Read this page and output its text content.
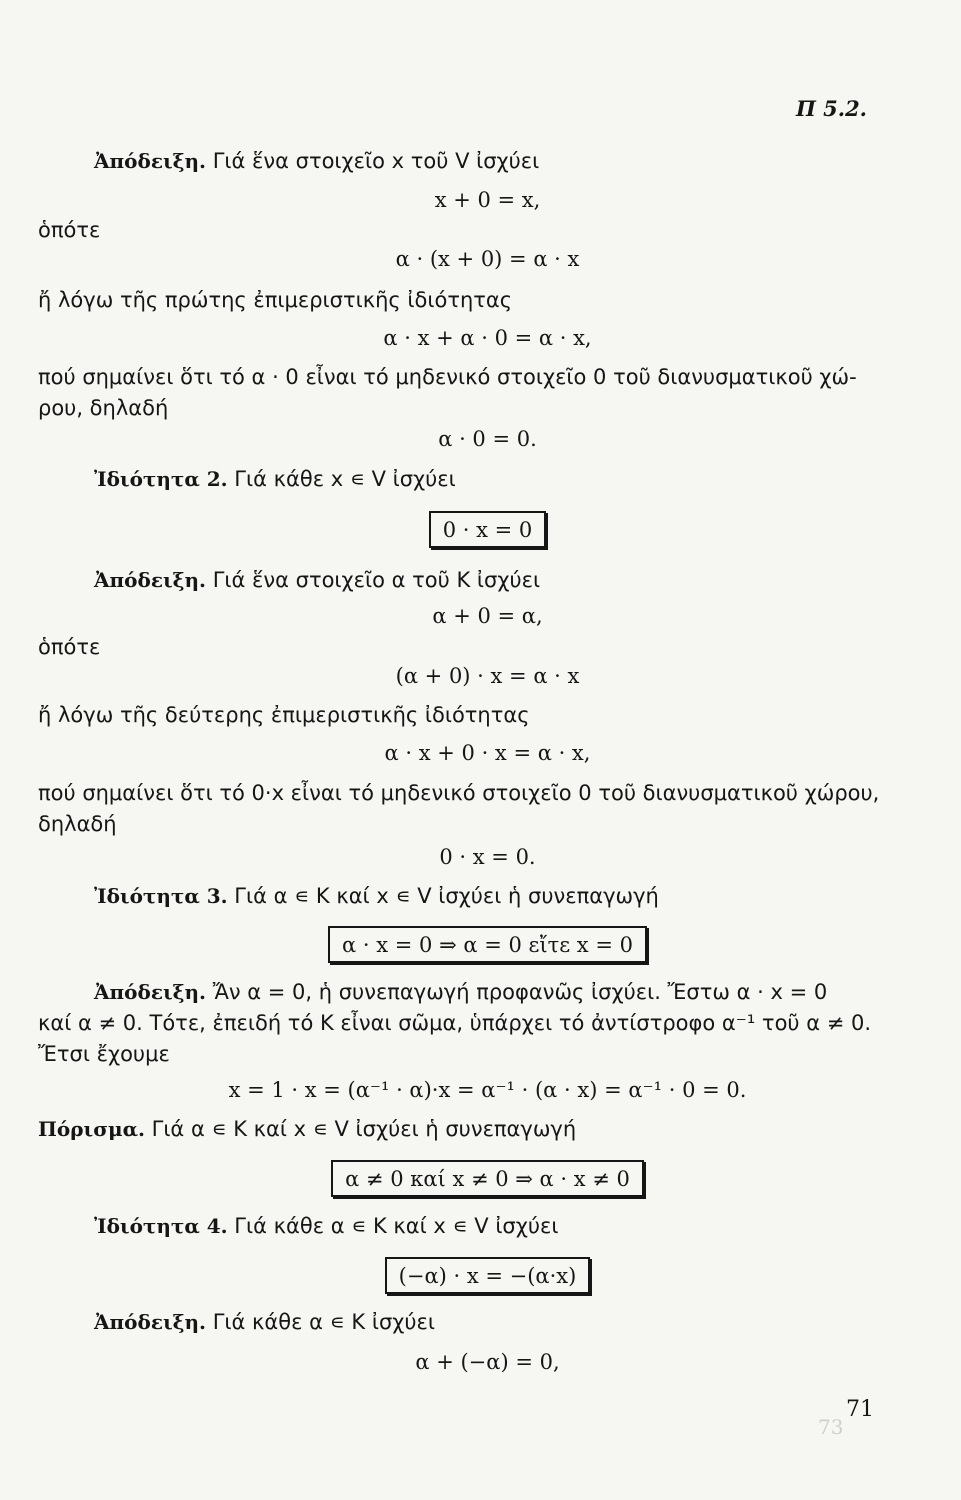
Π 5.2.
Ἀπόδειξη. Γιά ἕνα στοιχεῖο x τοῦ V ἰσχύει
x + 0 = x,
ὁπότε
α · (x + 0) = α · x
ἤ λόγω τῆς πρώτης ἐπιμεριστικῆς ἰδιότητας
α · x + α · 0 = α · x,
πού σημαίνει ὅτι τό α · 0 εἶναι τό μηδενικό στοιχεῖο 0 τοῦ διανυσματικοῦ χώ-
ρου, δηλαδή
α · 0 = 0.
Ἰδιότητα 2. Γιά κάθε x ∊ V ἰσχύει
0 · x = 0
Ἀπόδειξη. Γιά ἕνα στοιχεῖο α τοῦ K ἰσχύει
α + 0 = α,
ὁπότε
(α + 0) · x = α · x
ἤ λόγω τῆς δεύτερης ἐπιμεριστικῆς ἰδιότητας
α · x + 0 · x = α · x,
πού σημαίνει ὅτι τό 0·x εἶναι τό μηδενικό στοιχεῖο 0 τοῦ διανυσματικοῦ χώρου,
δηλαδή
0 · x = 0.
Ἰδιότητα 3. Γιά α ∊ K καί x ∊ V ἰσχύει ἡ συνεπαγωγή
α · x = 0 ⇒ α = 0 εἴτε x = 0
Ἀπόδειξη. Ἄν α = 0, ἡ συνεπαγωγή προφανῶς ἰσχύει. Ἔστω α · x = 0
καί α ≠ 0. Τότε, ἐπειδή τό K εἶναι σῶμα, ὑπάρχει τό ἀντίστροφο α⁻¹ τοῦ α ≠ 0.
Ἔτσι ἔχουμε
x = 1 · x = (α⁻¹ · α)·x = α⁻¹ · (α · x) = α⁻¹ · 0 = 0.
Πόρισμα. Γιά α ∊ K καί x ∊ V ἰσχύει ἡ συνεπαγωγή
α ≠ 0 καί x ≠ 0 ⇒ α · x ≠ 0
Ἰδιότητα 4. Γιά κάθε α ∊ K καί x ∊ V ἰσχύει
(−α) · x = −(α·x)
Ἀπόδειξη. Γιά κάθε α ∊ K ἰσχύει
α + (−α) = 0,
73
71
